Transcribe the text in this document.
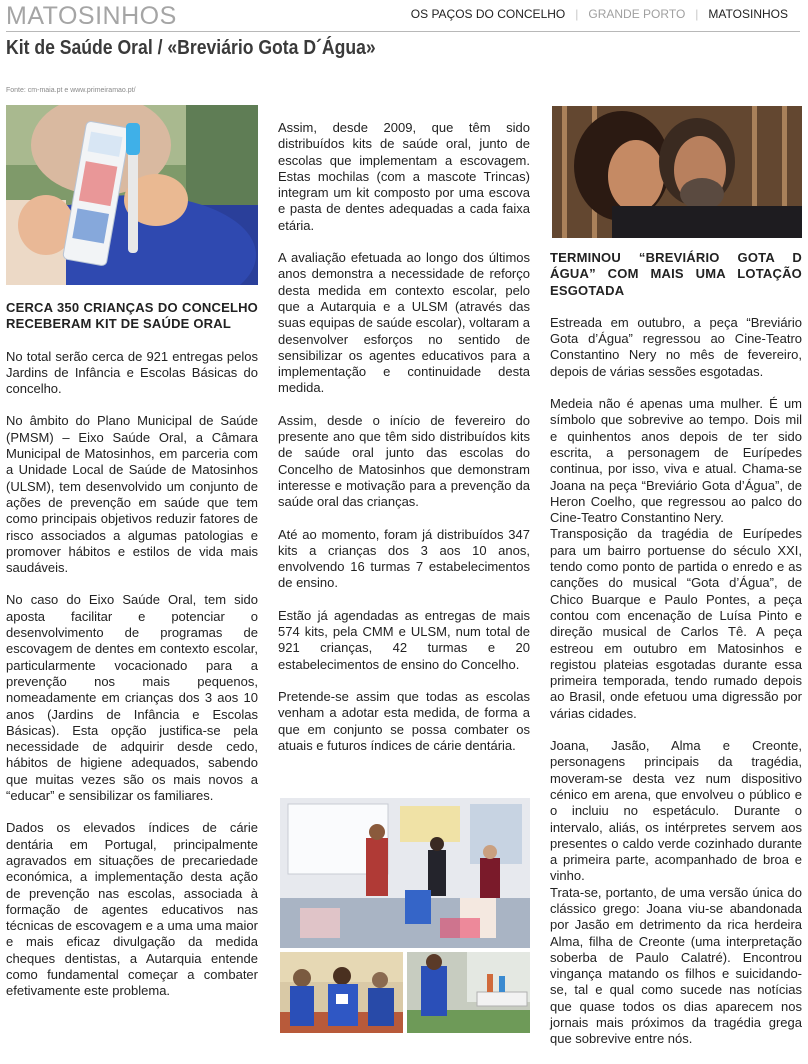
MATOSINHOS	OS PAÇOS DO CONCELHO | GRANDE PORTO | MATOSINHOS
Kit de Saúde Oral / «Breviário Gota D´Água»
Fonte: cm-maia.pt e www.primeiramao.pt/
CERCA 350 CRIANÇAS DO CONCELHO RECEBERAM KIT DE SAÚDE ORAL

No total serão cerca de 921 entregas pelos Jardins de Infância e Escolas Básicas do concelho.

No âmbito do Plano Municipal de Saúde (PMSM) – Eixo Saúde Oral, a Câmara Municipal de Matosinhos, em parceria com a Unidade Local de Saúde de Matosinhos (ULSM), tem desenvolvido um conjunto de ações de prevenção em saúde que tem como principais objetivos reduzir fatores de risco associados a algumas patologias e promover hábitos e estilos de vida mais saudáveis.

No caso do Eixo Saúde Oral, tem sido aposta facilitar e potenciar o desenvolvimento de programas de escovagem de dentes em contexto escolar, particularmente vocacionado para a prevenção nos mais pequenos, nomeadamente em crianças dos 3 aos 10 anos (Jardins de Infância e Escolas Básicas). Esta opção justifica-se pela necessidade de adquirir desde cedo, hábitos de higiene adequados, sabendo que muitas vezes são os mais novos a “educar” e sensibilizar os familiares.

Dados os elevados índices de cárie dentária em Portugal, principalmente agravados em situações de precariedade económica, a implementação desta ação de prevenção nas escolas, associada à formação de agentes educativos nas técnicas de escovagem e a uma uma maior e mais eficaz divulgação da medida cheques dentistas, a Autarquia entende como fundamental começar a combater efetivamente este problema.

Assim, desde 2009, que têm sido distribuídos kits de saúde oral, junto de escolas que implementam a escovagem. Estas mochilas (com a mascote Trincas) integram um kit composto por uma escova e pasta de dentes adequadas a cada faixa etária.

A avaliação efetuada ao longo dos últimos anos demonstra a necessidade de reforço desta medida em contexto escolar, pelo que a Autarquia e a ULSM (através das suas equipas de saúde escolar), voltaram a desenvolver esforços no sentido de sensibilizar os agentes educativos para a implementação e continuidade desta medida.

Assim, desde o início de fevereiro do presente ano que têm sido distribuídos kits de saúde oral junto das escolas do Concelho de Matosinhos que demonstram interesse e motivação para a prevenção da saúde oral das crianças.

Até ao momento, foram já distribuídos 347 kits a crianças dos 3 aos 10 anos, envolvendo 16 turmas 7 estabelecimentos de ensino.

Estão já agendadas as entregas de mais 574 kits, pela CMM e ULSM, num total de 921 crianças, 42 turmas e 20 estabelecimentos de ensino do Concelho.

Pretende-se assim que todas as escolas venham a adotar esta medida, de forma a que em conjunto se possa combater os atuais e futuros índices de cárie dentária.

TERMINOU “BREVIÁRIO GOTA D ÁGUA” COM MAIS UMA LOTAÇÃO ESGOTADA

Estreada em outubro, a peça “Breviário Gota d’Água” regressou ao Cine-Teatro Constantino Nery no mês de fevereiro, depois de várias sessões esgotadas.

Medeia não é apenas uma mulher. É um símbolo que sobrevive ao tempo. Dois mil e quinhentos anos depois de ter sido escrita, a personagem de Eurípedes continua, por isso, viva e atual. Chama-se Joana na peça “Breviário Gota d’Água”, de Heron Coelho, que regressou ao palco do Cine-Teatro Constantino Nery.

Transposição da tragédia de Eurípedes para um bairro portuense do século XXI, tendo como ponto de partida o enredo e as canções do musical “Gota d’Água”, de Chico Buarque e Paulo Pontes, a peça contou com encenação de Luísa Pinto e direção musical de Carlos Tê. A peça estreou em outubro em Matosinhos e registou plateias esgotadas durante essa primeira temporada, tendo rumado depois ao Brasil, onde efetuou uma digressão por várias cidades.

Joana, Jasão, Alma e Creonte, personagens principais da tragédia, moveram-se desta vez num dispositivo cénico em arena, que envolveu o público e o incluiu no espetáculo. Durante o intervalo, aliás, os intérpretes servem aos presentes o caldo verde cozinhado durante a primeira parte, acompanhado de broa e vinho.

Trata-se, portanto, de uma versão única do clássico grego: Joana viu-se abandonada por Jasão em detrimento da rica herdeira Alma, filha de Creonte (uma interpretação soberba de Paulo Calatré). Encontrou vingança matando os filhos e suicidando-se, tal e qual como sucede nas notícias que quase todos os dias aparecem nos jornais mais próximos da tragédia grega que sobrevive entre nós.
